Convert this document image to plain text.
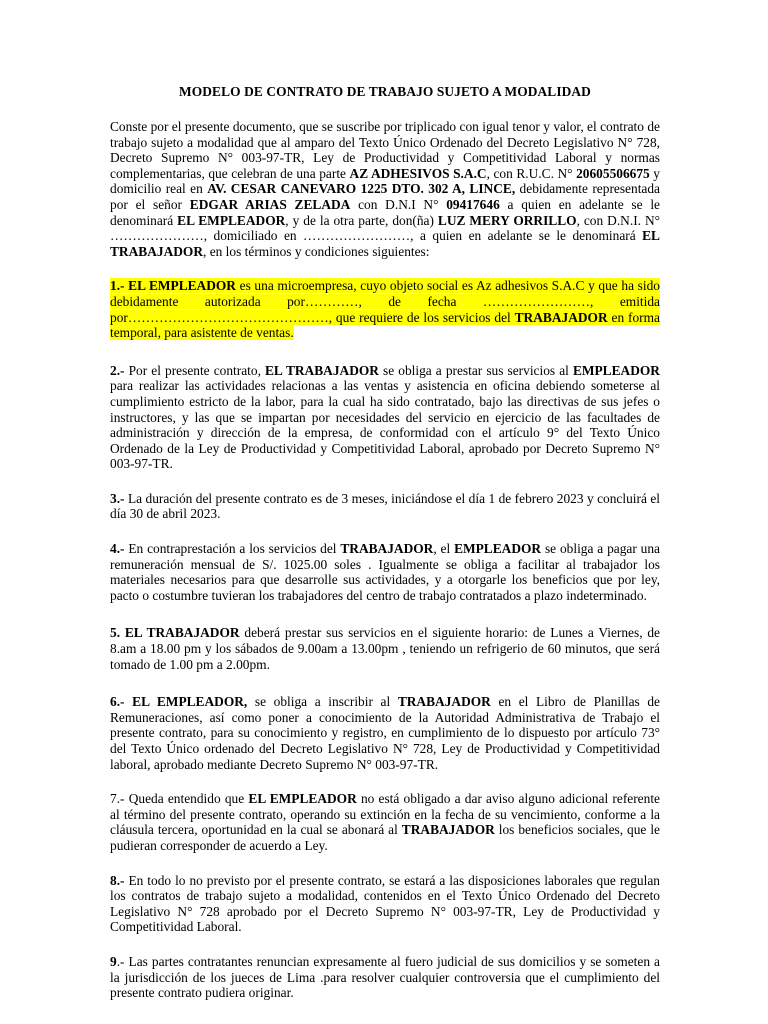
MODELO DE CONTRATO DE TRABAJO SUJETO A MODALIDAD

Conste por el presente documento, que se suscribe por triplicado con igual tenor y valor, el contrato de trabajo sujeto a modalidad que al amparo del Texto Único Ordenado del Decreto Legislativo N° 728, Decreto Supremo N° 003-97-TR, Ley de Productividad y Competitividad Laboral y normas complementarias, que celebran de una parte AZ ADHESIVOS S.A.C, con R.U.C. N° 20605506675 y domicilio real en AV. CESAR CANEVARO 1225 DTO. 302 A, LINCE, debidamente representada por el señor EDGAR ARIAS ZELADA con D.N.I N° 09417646 a quien en adelante se le denominará EL EMPLEADOR, y de la otra parte, don(ña) LUZ MERY ORRILLO, con D.N.I. N° …………………, domiciliado en ……………………, a quien en adelante se le denominará EL TRABAJADOR, en los términos y condiciones siguientes:

1.- EL EMPLEADOR es una microempresa, cuyo objeto social es Az adhesivos S.A.C y que ha sido debidamente autorizada por…………, de fecha ……………………, emitida por………………………………………, que requiere de los servicios del TRABAJADOR en forma temporal, para asistente de ventas.

2.- Por el presente contrato, EL TRABAJADOR se obliga a prestar sus servicios al EMPLEADOR para realizar las actividades relacionas a las ventas y asistencia en oficina debiendo someterse al cumplimiento estricto de la labor, para la cual ha sido contratado, bajo las directivas de sus jefes o instructores, y las que se impartan por necesidades del servicio en ejercicio de las facultades de administración y dirección de la empresa, de conformidad con el artículo 9° del Texto Único Ordenado de la Ley de Productividad y Competitividad Laboral, aprobado por Decreto Supremo N° 003-97-TR.

3.- La duración del presente contrato es de 3 meses, iniciándose el día 1 de febrero 2023 y concluirá el día 30 de abril 2023.

4.- En contraprestación a los servicios del TRABAJADOR, el EMPLEADOR se obliga a pagar una remuneración mensual de S/. 1025.00 soles . Igualmente se obliga a facilitar al trabajador los materiales necesarios para que desarrolle sus actividades, y a otorgarle los beneficios que por ley, pacto o costumbre tuvieran los trabajadores del centro de trabajo contratados a plazo indeterminado.

5. EL TRABAJADOR deberá prestar sus servicios en el siguiente horario: de Lunes a Viernes, de 8.am a 18.00 pm y los sábados de 9.00am a 13.00pm , teniendo un refrigerio de 60 minutos, que será tomado de 1.00 pm a 2.00pm.

6.- EL EMPLEADOR, se obliga a inscribir al TRABAJADOR en el Libro de Planillas de Remuneraciones, así como poner a conocimiento de la Autoridad Administrativa de Trabajo el presente contrato, para su conocimiento y registro, en cumplimiento de lo dispuesto por artículo 73° del Texto Único ordenado del Decreto Legislativo N° 728, Ley de Productividad y Competitividad laboral, aprobado mediante Decreto Supremo N° 003-97-TR.

7.- Queda entendido que EL EMPLEADOR no está obligado a dar aviso alguno adicional referente al término del presente contrato, operando su extinción en la fecha de su vencimiento, conforme a la cláusula tercera, oportunidad en la cual se abonará al TRABAJADOR los beneficios sociales, que le pudieran corresponder de acuerdo a Ley.

8.- En todo lo no previsto por el presente contrato, se estará a las disposiciones laborales que regulan los contratos de trabajo sujeto a modalidad, contenidos en el Texto Único Ordenado del Decreto Legislativo N° 728 aprobado por el Decreto Supremo N° 003-97-TR, Ley de Productividad y Competitividad Laboral.

9.- Las partes contratantes renuncian expresamente al fuero judicial de sus domicilios y se someten a la jurisdicción de los jueces de Lima .para resolver cualquier controversia que el cumplimiento del presente contrato pudiera originar.
